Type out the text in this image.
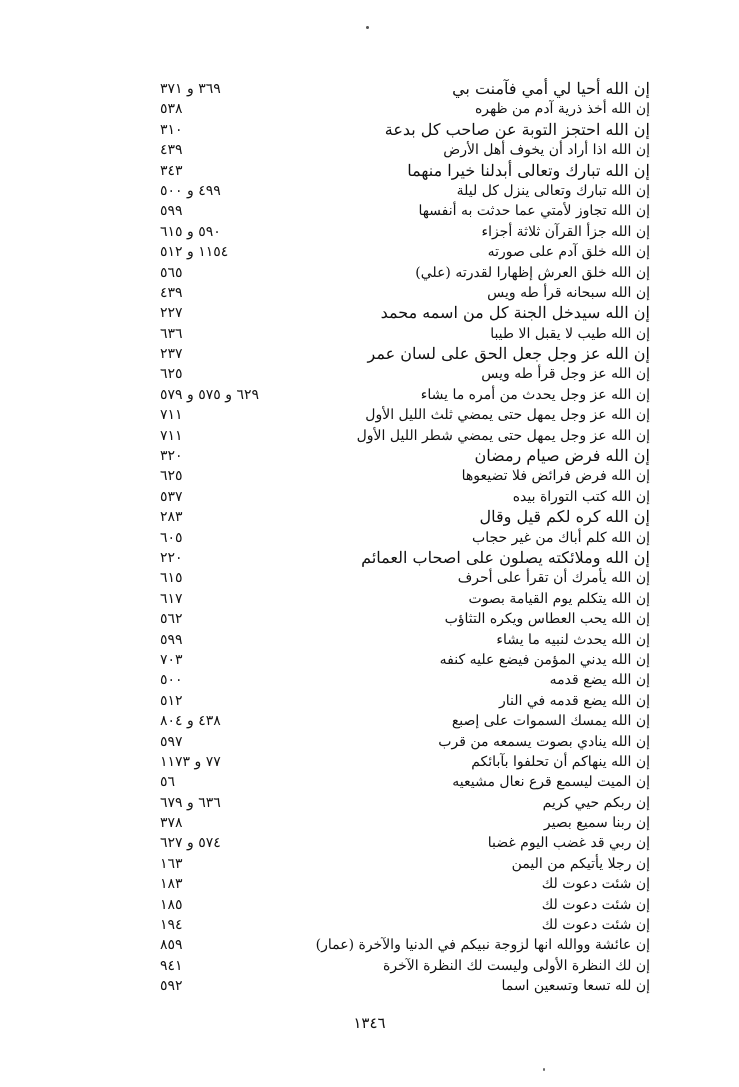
إن الله أحيا لي أمي فآمنت بي
٣٦٩ و ٣٧١
إن الله أخذ ذرية آدم من ظهره
٥٣٨
إن الله احتجز التوبة عن صاحب كل بدعة
٣١٠
إن الله اذا أراد أن يخوف أهل الأرض
٤٣٩
إن الله تبارك وتعالى أبدلنا خيرا منهما
٣٤٣
إن الله تبارك وتعالى ينزل كل ليلة
٤٩٩ و ٥٠٠
إن الله تجاوز لأمتي عما حدثت به أنفسها
٥٩٩
إن الله جزأ القرآن ثلاثة أجزاء
٥٩٠ و ٦١٥
إن الله خلق آدم على صورته
١١٥٤ و ٥١٢
إن الله خلق العرش إظهارا لقدرته (علي)
٥٦٥
إن الله سبحانه قرأ طه ويس
٤٣٩
إن الله سيدخل الجنة كل من اسمه محمد
٢٢٧
إن الله طيب لا يقبل الا طيبا
٦٣٦
إن الله عز وجل جعل الحق على لسان عمر
٢٣٧
إن الله عز وجل قرأ طه ويس
٦٢٥
إن الله عز وجل يحدث من أمره ما يشاء
٦٢٩ و ٥٧٥ و ٥٧٩
إن الله عز وجل يمهل حتى يمضي ثلث الليل الأول
٧١١
إن الله عز وجل يمهل حتى يمضي شطر الليل الأول
٧١١
إن الله فرض صيام رمضان
٣٢٠
إن الله فرض فرائض فلا تضيعوها
٦٢٥
إن الله كتب التوراة بيده
٥٣٧
إن الله كره لكم قيل وقال
٢٨٣
إن الله كلم أباك من غير حجاب
٦٠٥
إن الله وملائكته يصلون على اصحاب العمائم
٢٢٠
إن الله يأمرك أن تقرأ على أحرف
٦١٥
إن الله يتكلم يوم القيامة بصوت
٦١٧
إن الله يحب العطاس ويكره التثاؤب
٥٦٢
إن الله يحدث لنبيه ما يشاء
٥٩٩
إن الله يدني المؤمن فيضع عليه كنفه
٧٠٣
إن الله يضع قدمه
٥٠٠
إن الله يضع قدمه في النار
٥١٢
إن الله يمسك السموات على إصبع
٤٣٨ و ٨٠٤
إن الله ينادي بصوت يسمعه من قرب
٥٩٧
إن الله ينهاكم أن تحلفوا بآبائكم
٧٧ و ١١٧٣
إن الميت ليسمع قرع نعال مشيعيه
٥٦
إن ربكم حيي كريم
٦٣٦ و ٦٧٩
إن ربنا سميع بصير
٣٧٨
إن ربي قد غضب اليوم غضبا
٥٧٤ و ٦٢٧
إن رجلا يأتيكم من اليمن
١٦٣
إن شئت دعوت لك
١٨٣
إن شئت دعوت لك
١٨٥
إن شئت دعوت لك
١٩٤
إن عائشة ووالله انها لزوجة نبيكم في الدنيا والآخرة (عمار)
٨٥٩
إن لك النظرة الأولى وليست لك النظرة الآخرة
٩٤١
إن لله تسعا وتسعين اسما
٥٩٢
١٣٤٦
